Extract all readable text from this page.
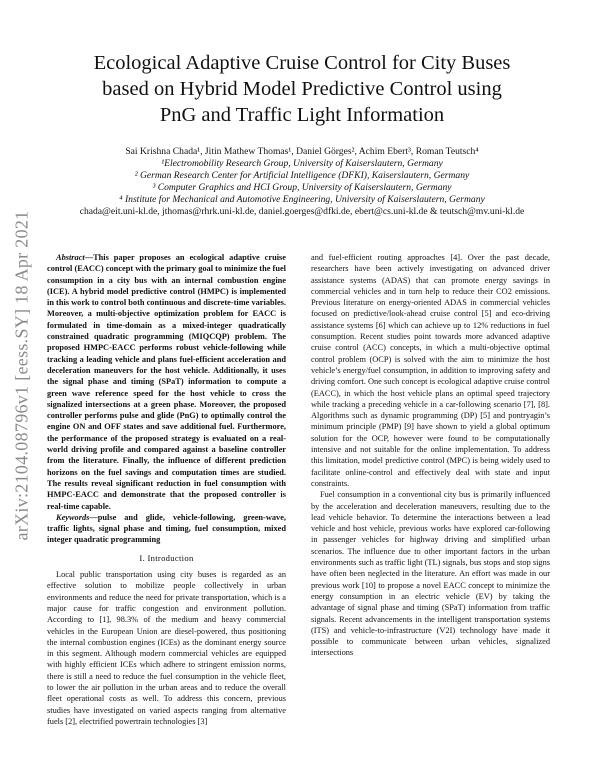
arXiv:2104.08796v1 [eess.SY] 18 Apr 2021
Ecological Adaptive Cruise Control for City Buses
based on Hybrid Model Predictive Control using
PnG and Traffic Light Information
Sai Krishna Chada¹, Jitin Mathew Thomas¹, Daniel Görges², Achim Ebert³, Roman Teutsch⁴
¹Electromobility Research Group, University of Kaiserslautern, Germany
² German Research Center for Artificial Intelligence (DFKI), Kaiserslautern, Germany
³ Computer Graphics and HCI Group, University of Kaiserslautern, Germany
⁴ Institute for Mechanical and Automotive Engineering, University of Kaiserslautern, Germany
chada@eit.uni-kl.de, jthomas@rhrk.uni-kl.de, daniel.goerges@dfki.de, ebert@cs.uni-kl.de & teutsch@mv.uni-kl.de

Abstract—This paper proposes an ecological adaptive cruise control (EACC) concept with the primary goal to minimize the fuel consumption in a city bus with an internal combustion engine (ICE). A hybrid model predictive control (HMPC) is implemented in this work to control both continuous and discrete-time variables. Moreover, a multi-objective optimization problem for EACC is formulated in time-domain as a mixed-integer quadratically constrained quadratic programming (MIQCQP) problem. The proposed HMPC-EACC performs robust vehicle-following while tracking a leading vehicle and plans fuel-efficient acceleration and deceleration maneuvers for the host vehicle. Additionally, it uses the signal phase and timing (SPaT) information to compute a green wave reference speed for the host vehicle to cross the signalized intersections at a green phase. Moreover, the proposed controller performs pulse and glide (PnG) to optimally control the engine ON and OFF states and save additional fuel. Furthermore, the performance of the proposed strategy is evaluated on a real-world driving profile and compared against a baseline controller from the literature. Finally, the influence of different prediction horizons on the fuel savings and computation times are studied. The results reveal significant reduction in fuel consumption with HMPC-EACC and demonstrate that the proposed controller is real-time capable.

Keywords—pulse and glide, vehicle-following, green-wave, traffic lights, signal phase and timing, fuel consumption, mixed integer quadratic programming

I. Introduction

Local public transportation using city buses is regarded as an effective solution to mobilize people collectively in urban environments and reduce the need for private transportation, which is a major cause for traffic congestion and environment pollution. According to [1], 98.3% of the medium and heavy commercial vehicles in the European Union are diesel-powered, thus positioning the internal combustion engines (ICEs) as the dominant energy source in this segment. Although modern commercial vehicles are equipped with highly efficient ICEs which adhere to stringent emission norms, there is still a need to reduce the fuel consumption in the vehicle fleet, to lower the air pollution in the urban areas and to reduce the overall fleet operational costs as well. To address this concern, previous studies have investigated on varied aspects ranging from alternative fuels [2], electrified powertrain technologies [3]

and fuel-efficient routing approaches [4]. Over the past decade, researchers have been actively investigating on advanced driver assistance systems (ADAS) that can promote energy savings in commercial vehicles and in turn help to reduce their CO2 emissions. Previous literature on energy-oriented ADAS in commercial vehicles focused on predictive/look-ahead cruise control [5] and eco-driving assistance systems [6] which can achieve up to 12% reductions in fuel consumption. Recent studies point towards more advanced adaptive cruise control (ACC) concepts, in which a multi-objective optimal control problem (OCP) is solved with the aim to minimize the host vehicle’s energy/fuel consumption, in addition to improving safety and driving comfort. One such concept is ecological adaptive cruise control (EACC), in which the host vehicle plans an optimal speed trajectory while tracking a preceding vehicle in a car-following scenario [7], [8]. Algorithms such as dynamic programming (DP) [5] and pontryagin’s minimum principle (PMP) [9] have shown to yield a global optimum solution for the OCP, however were found to be computationally intensive and not suitable for the online implementation. To address this limitation, model predictive control (MPC) is being widely used to facilitate online-control and effectively deal with state and input constraints.

Fuel consumption in a conventional city bus is primarily influenced by the acceleration and deceleration maneuvers, resulting due to the lead vehicle behavior. To determine the interactions between a lead vehicle and host vehicle, previous works have explored car-following in passenger vehicles for highway driving and simplified urban scenarios. The influence due to other important factors in the urban environments such as traffic light (TL) signals, bus stops and stop signs have often been neglected in the literature. An effort was made in our previous work [10] to propose a novel EACC concept to minimize the energy consumption in an electric vehicle (EV) by taking the advantage of signal phase and timing (SPaT) information from traffic signals. Recent advancements in the intelligent transportation systems (ITS) and vehicle-to-infrastructure (V2I) technology have made it possible to communicate between urban vehicles, signalized intersections
